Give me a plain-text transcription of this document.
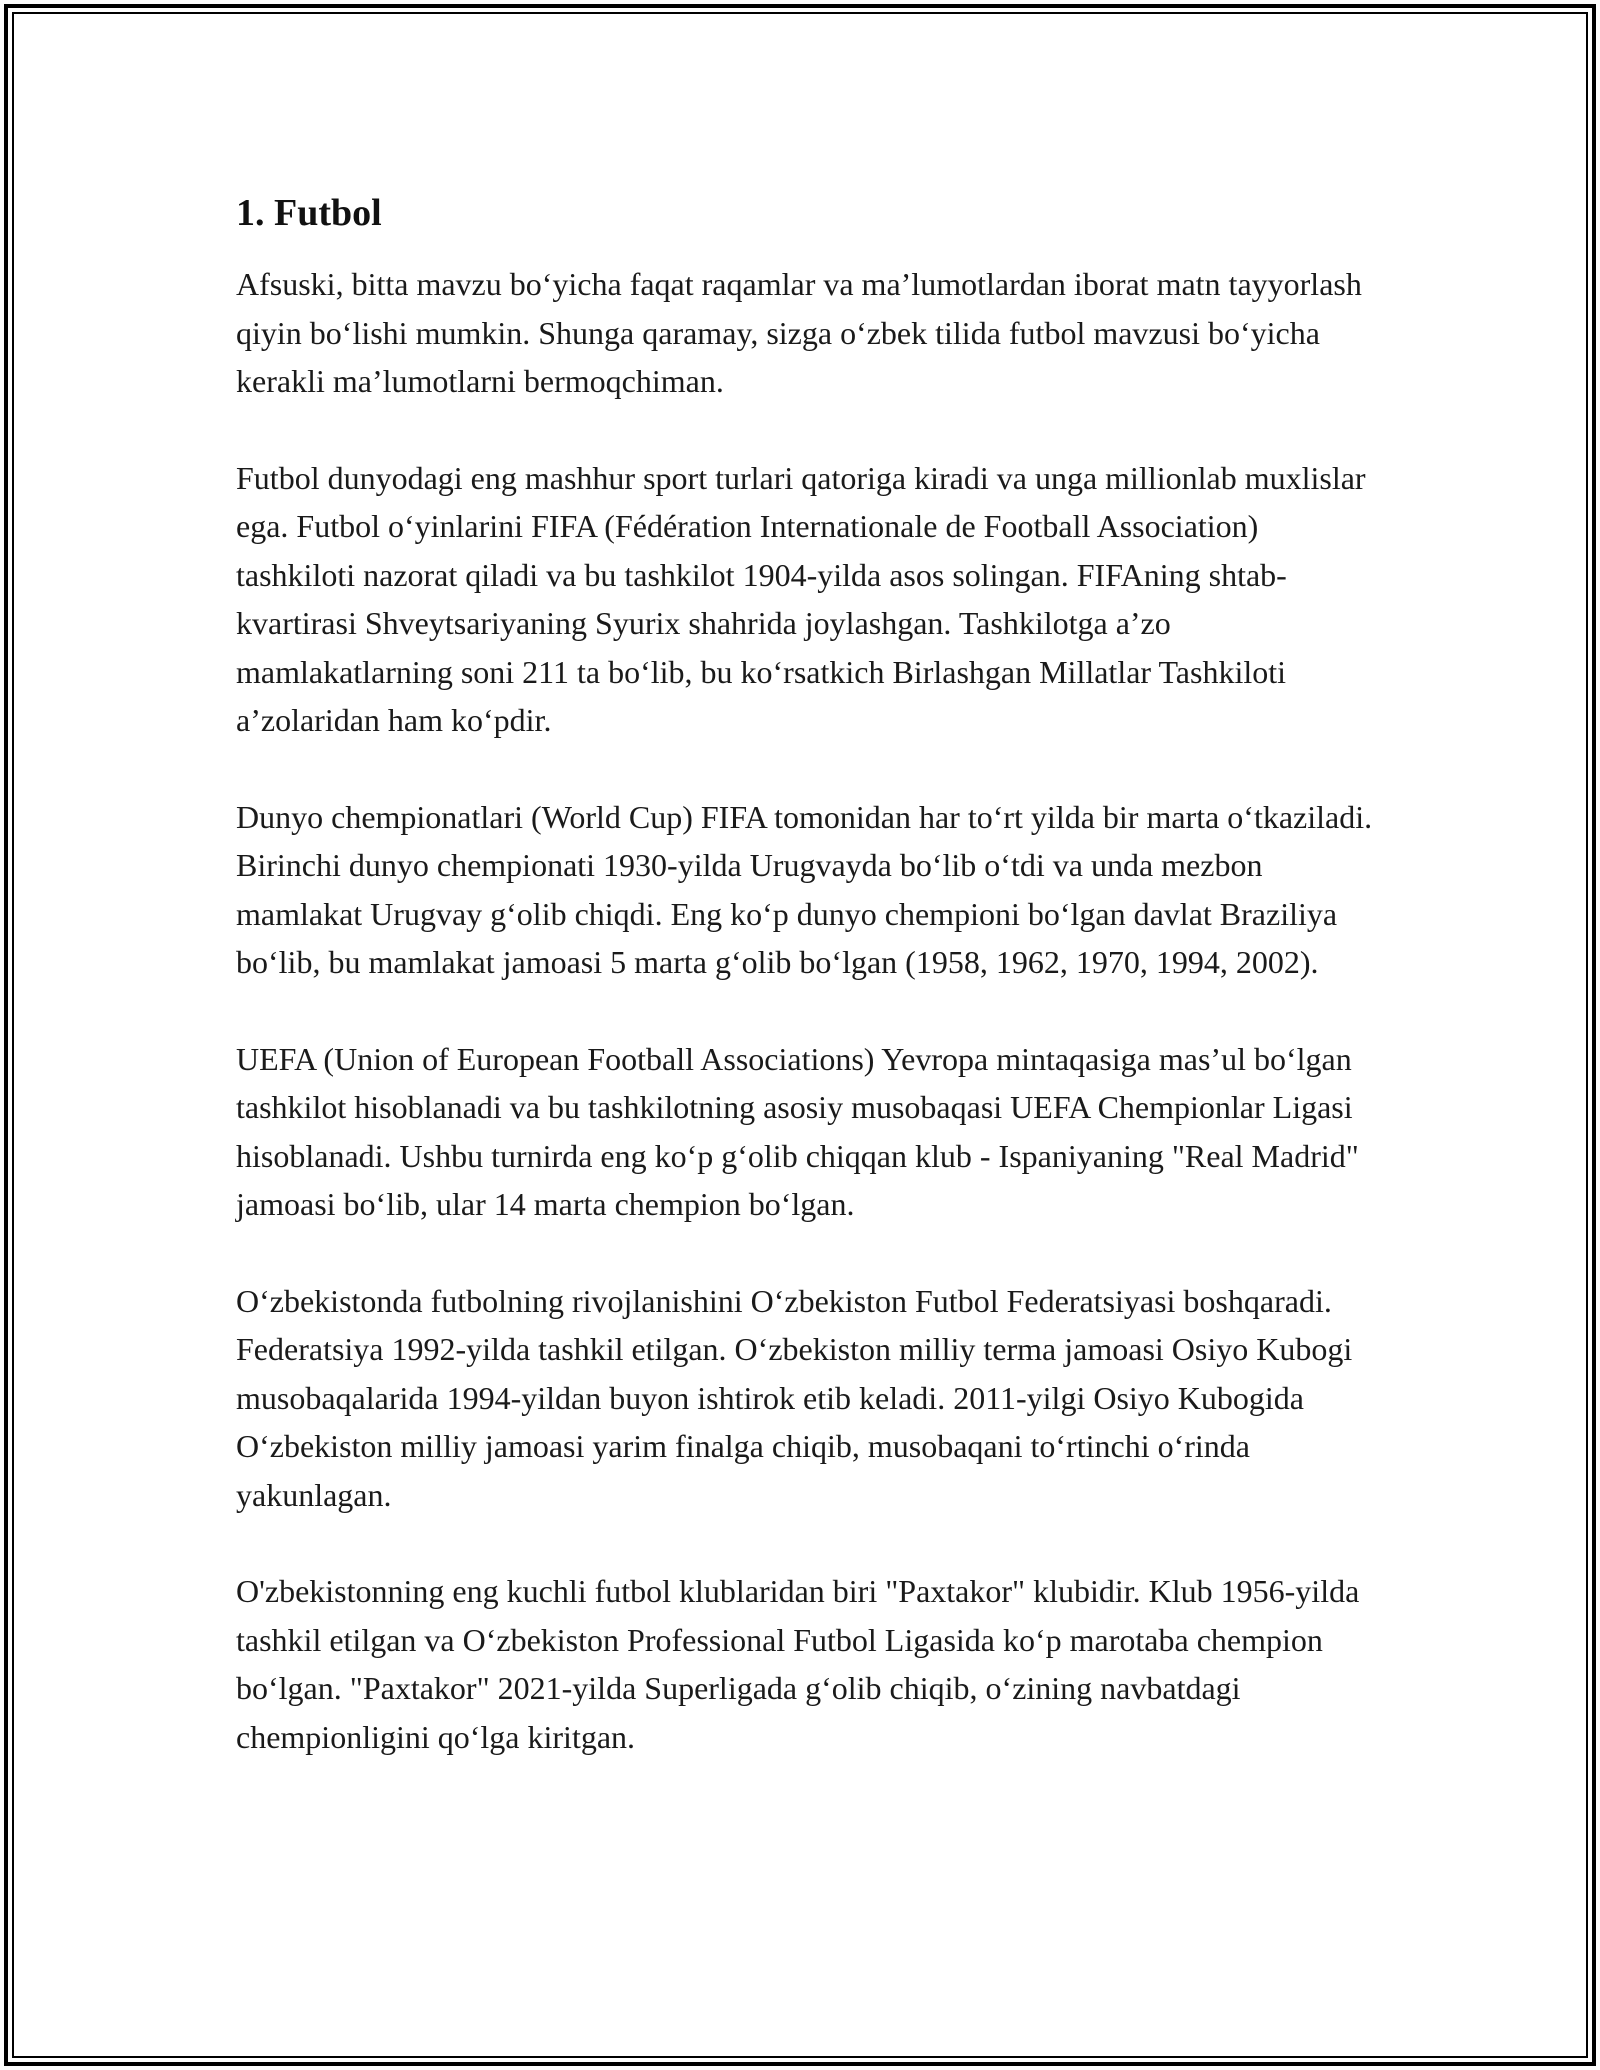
1. Futbol

Afsuski, bitta mavzu bo‘yicha faqat raqamlar va ma’lumotlardan iborat matn tayyorlash qiyin bo‘lishi mumkin. Shunga qaramay, sizga o‘zbek tilida futbol mavzusi bo‘yicha kerakli ma’lumotlarni bermoqchiman.

Futbol dunyodagi eng mashhur sport turlari qatoriga kiradi va unga millionlab muxlislar ega. Futbol o‘yinlarini FIFA (Fédération Internationale de Football Association) tashkiloti nazorat qiladi va bu tashkilot 1904-yilda asos solingan. FIFAning shtab-kvartirasi Shveytsariyaning Syurix shahrida joylashgan. Tashkilotga a’zo mamlakatlarning soni 211 ta bo‘lib, bu ko‘rsatkich Birlashgan Millatlar Tashkiloti a’zolaridan ham ko‘pdir.

Dunyo chempionatlari (World Cup) FIFA tomonidan har to‘rt yilda bir marta o‘tkaziladi. Birinchi dunyo chempionati 1930-yilda Urugvayda bo‘lib o‘tdi va unda mezbon mamlakat Urugvay g‘olib chiqdi. Eng ko‘p dunyo chempioni bo‘lgan davlat Braziliya bo‘lib, bu mamlakat jamoasi 5 marta g‘olib bo‘lgan (1958, 1962, 1970, 1994, 2002).

UEFA (Union of European Football Associations) Yevropa mintaqasiga mas’ul bo‘lgan tashkilot hisoblanadi va bu tashkilotning asosiy musobaqasi UEFA Chempionlar Ligasi hisoblanadi. Ushbu turnirda eng ko‘p g‘olib chiqqan klub - Ispaniyaning "Real Madrid" jamoasi bo‘lib, ular 14 marta chempion bo‘lgan.

O‘zbekistonda futbolning rivojlanishini O‘zbekiston Futbol Federatsiyasi boshqaradi. Federatsiya 1992-yilda tashkil etilgan. O‘zbekiston milliy terma jamoasi Osiyo Kubogi musobaqalarida 1994-yildan buyon ishtirok etib keladi. 2011-yilgi Osiyo Kubogida O‘zbekiston milliy jamoasi yarim finalga chiqib, musobaqani to‘rtinchi o‘rinda yakunlagan.

O'zbekistonning eng kuchli futbol klublaridan biri "Paxtakor" klubidir. Klub 1956-yilda tashkil etilgan va O‘zbekiston Professional Futbol Ligasida ko‘p marotaba chempion bo‘lgan. "Paxtakor" 2021-yilda Superligada g‘olib chiqib, o‘zining navbatdagi chempionligini qo‘lga kiritgan.
